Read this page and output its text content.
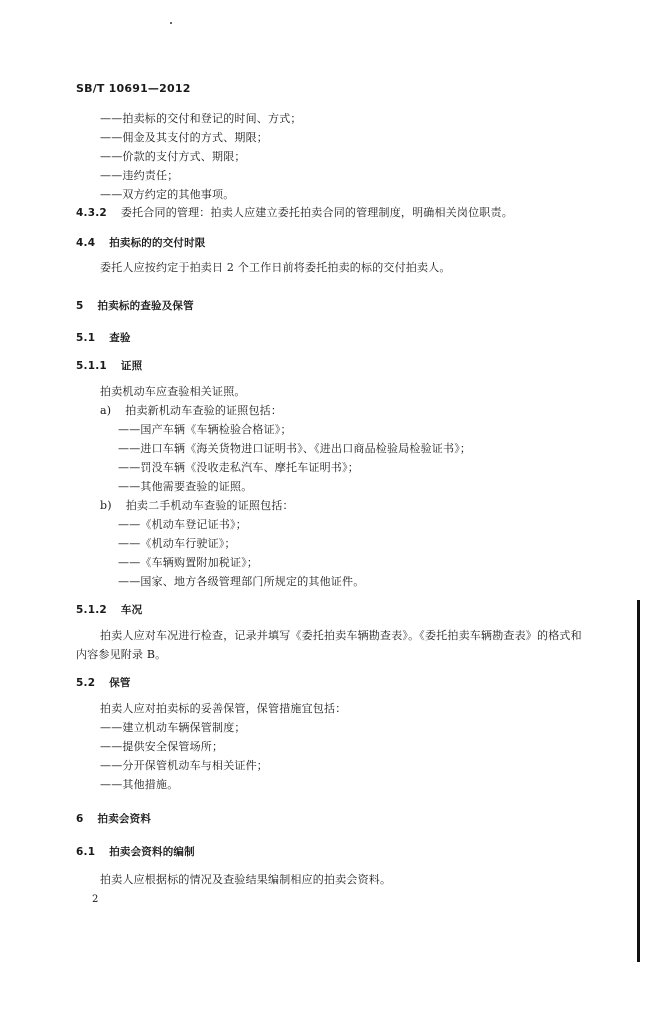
SB/T 10691—2012
——拍卖标的交付和登记的时间、方式；
——佣金及其支付的方式、期限；
——价款的支付方式、期限；
——违约责任；
——双方约定的其他事项。
4.3.2 委托合同的管理：拍卖人应建立委托拍卖合同的管理制度，明确相关岗位职责。
4.4 拍卖标的的交付时限
委托人应按约定于拍卖日 2 个工作日前将委托拍卖的标的交付拍卖人。
5 拍卖标的查验及保管
5.1 查验
5.1.1 证照
拍卖机动车应查验相关证照。
a) 拍卖新机动车查验的证照包括：
——国产车辆《车辆检验合格证》；
——进口车辆《海关货物进口证明书》、《进出口商品检验局检验证书》；
——罚没车辆《没收走私汽车、摩托车证明书》；
——其他需要查验的证照。
b) 拍卖二手机动车查验的证照包括：
——《机动车登记证书》；
——《机动车行驶证》；
——《车辆购置附加税证》；
——国家、地方各级管理部门所规定的其他证件。
5.1.2 车况
拍卖人应对车况进行检查，记录并填写《委托拍卖车辆勘查表》。《委托拍卖车辆勘查表》的格式和
内容参见附录 B。
5.2 保管
拍卖人应对拍卖标的妥善保管，保管措施宜包括：
——建立机动车辆保管制度；
——提供安全保管场所；
——分开保管机动车与相关证件；
——其他措施。
6 拍卖会资料
6.1 拍卖会资料的编制
拍卖人应根据标的情况及查验结果编制相应的拍卖会资料。
2
